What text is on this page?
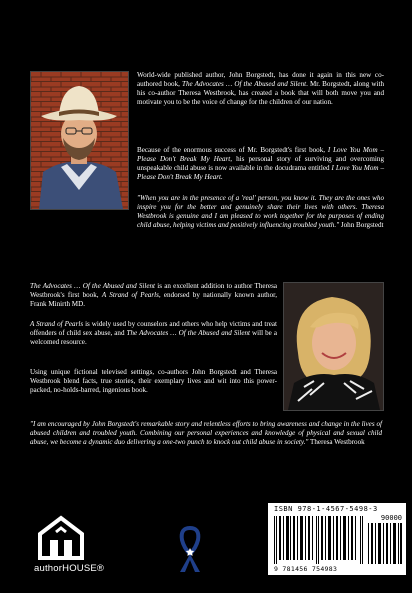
World-wide published author, John Borgstedt, has done it again in this new co-authored book, The Advocates … Of the Abused and Silent. Mr. Borgstedt, along with his co-author Theresa Westbrook, has created a book that will both move you and motivate you to be the voice of change for the children of our nation.

Because of the enormous success of Mr. Borgstedt's first book, I Love You Mom – Please Don't Break My Heart, his personal story of surviving and overcoming unspeakable child abuse is now available in the docudrama entitled I Love You Mom – Please Don't Break My Heart.

"When you are in the presence of a 'real' person, you know it. They are the ones who inspire you for the better and genuinely share their lives with others. Theresa Westbrook is genuine and I am pleased to work together for the purposes of ending child abuse, helping victims and positively influencing troubled youth." John Borgstedt

The Advocates … Of the Abused and Silent is an excellent addition to author Theresa Westbrook's first book, A Strand of Pearls, endorsed by nationally known author, Frank Minirth MD.

A Strand of Pearls is widely used by counselors and others who help victims and treat offenders of child sex abuse, and The Advocates … Of the Abused and Silent will be a welcomed resource.

Using unique fictional televised settings, co-authors John Borgstedt and Theresa Westbrook blend facts, true stories, their exemplary lives and wit into this power-packed, no-holds-barred, ingenious book.

"I am encouraged by John Borgstedt's remarkable story and relentless efforts to bring awareness and change in the lives of abused children and troubled youth. Combining our personal experiences and knowledge of physical and sexual child abuse, we become a dynamic duo delivering a one-two punch to knock out child abuse in society." Theresa Westbrook

authorHOUSE®
ISBN 978-1-4567-5498-3
90000
9 781456 754983
